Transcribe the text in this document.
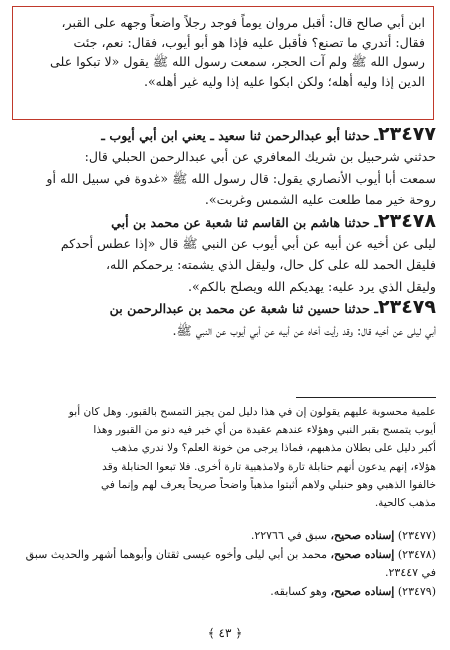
ابن أبي صالح قال: أقبل مروان يوماً فوجد رجلاً واضعاً وجهه على القبر،
فقال: أتدري ما تصنع؟ فأقبل عليه فإذا هو أبو أيوب، فقال: نعم، جئت
رسول الله ﷺ ولم آت الحجر، سمعت رسول الله ﷺ يقول «لا تبكوا على
الدين إذا وليه أهله؛ ولكن ابكوا عليه إذا وليه غير أهله».
٢٣٤٧٧ـ حدثنا أبو عبدالرحمن ثنا سعيد ـ يعني ابن أبي أيوب ـ
حدثني شرحبيل بن شريك المعافري عن أبي عبدالرحمن الحبلي قال:
سمعت أبا أيوب الأنصاري يقول: قال رسول الله ﷺ «غدوة في سبيل الله أو
روحة خير مما طلعت عليه الشمس وغربت».
٢٣٤٧٨ـ حدثنا هاشم بن القاسم ثنا شعبة عن محمد بن أبي
ليلى عن أخيه عن أبيه عن أبي أيوب عن النبي ﷺ قال «إذا عطس أحدكم
فليقل الحمد لله على كل حال، وليقل الذي يشمته: يرحمكم الله،
وليقل الذي يرد عليه: يهديكم الله ويصلح بالكم».
٢٣٤٧٩ـ حدثنا حسين ثنا شعبة عن محمد بن عبدالرحمن بن
أبي ليلى عن أخيه قال: وقد رأيت أخاه عن أبيه عن أبي أيوب عن النبي ﷺ.
علمية محسوبة عليهم يقولون إن في هذا دليل لمن يجيز التمسح بالقبور. وهل كان أبو
أيوب يتمسح بقبر النبي وهؤلاء عندهم عقيدة من أي خبر فيه دنو من القبور وهذا
أكبر دليل على بطلان مذهبهم، فماذا يرجى من خونة العلم؟ ولا ندري مذهب
هؤلاء، إنهم يدعون أنهم حنابلة تارة ولامذهبية تارة أخرى. فلا تبعوا الحنابلة وقد
خالفوا الذهبي وهو حنبلي ولاهم أثبتوا مذهباً واضحاً صريحاً يعرف لهم وإنما في
مذهب كالحية.
(٢٣٤٧٧) إسناده صحيح، سبق في ٢٢٧٦٦.
(٢٣٤٧٨) إسناده صحيح، محمد بن أبي ليلى وأخوه عيسى ثقتان وأبوهما أشهر والحديث سبق
في ٢٣٤٤٧.
(٢٣٤٧٩) إسناده صحيح، وهو كسابقه.
﴿ ٤٣ ﴾
